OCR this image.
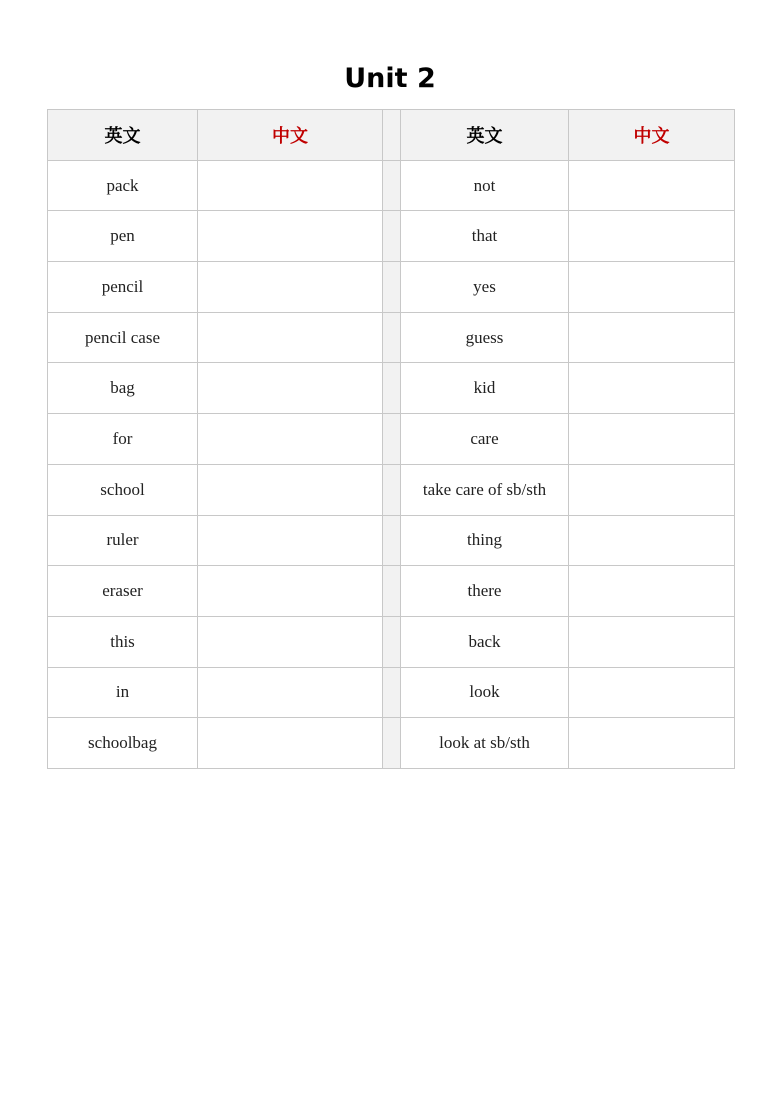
Unit 2
英文	中文		英文	中文
pack			not	
pen			that	
pencil			yes	
pencil case			guess	
bag			kid	
for			care	
school			take care of sb/sth	
ruler			thing	
eraser			there	
this			back	
in			look	
schoolbag			look at sb/sth	
